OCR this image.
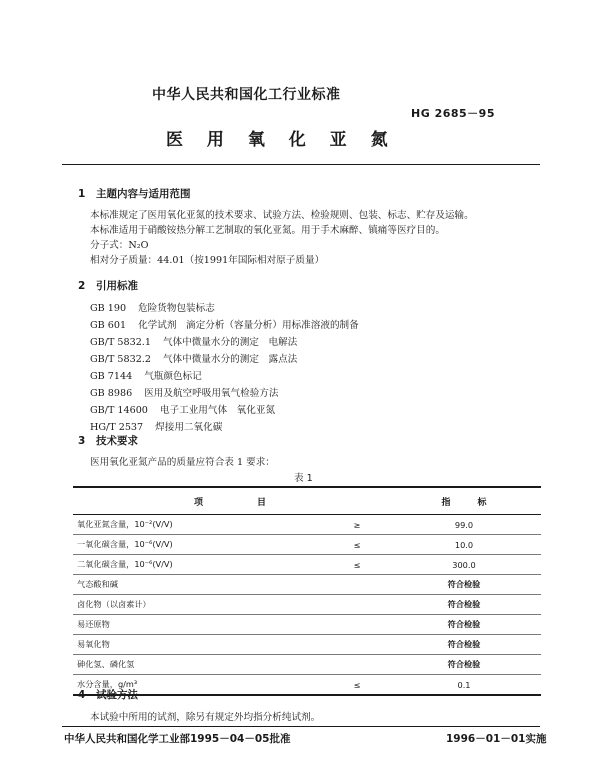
中华人民共和国化工行业标准
HG 2685－95
医 用 氧 化 亚 氮
1 主题内容与适用范围
本标准规定了医用氧化亚氮的技术要求、试验方法、检验规则、包装、标志、贮存及运输。
本标准适用于硝酸铵热分解工艺制取的氧化亚氮。用于手术麻醉、镇痛等医疗目的。
分子式：N₂O
相对分子质量：44.01（按1991年国际相对原子质量）
2 引用标准
GB 190 危险货物包装标志
GB 601 化学试剂　滴定分析（容量分析）用标准溶液的制备
GB/T 5832.1 气体中微量水分的测定　电解法
GB/T 5832.2 气体中微量水分的测定　露点法
GB 7144 气瓶颜色标记
GB 8986 医用及航空呼吸用氧气检验方法
GB/T 14600 电子工业用气体　氧化亚氮
HG/T 2537 焊接用二氧化碳
3 技术要求
医用氧化亚氮产品的质量应符合表 1 要求：
表 1
项　　　　　　目		指　　　标
氧化亚氮含量，10⁻²(V/V)	≥	99.0
一氧化碳含量，10⁻⁶(V/V)	≤	10.0
二氧化碳含量，10⁻⁶(V/V)	≤	300.0
气态酸和碱		符合检验
卤化物（以卤素计）		符合检验
易还原物		符合检验
易氧化物		符合检验
砷化氢、磷化氢		符合检验
水分含量，g/m³	≤	0.1
4 试验方法
本试验中所用的试剂，除另有规定外均指分析纯试剂。
中华人民共和国化学工业部1995－04－05批准	1996－01－01实施
